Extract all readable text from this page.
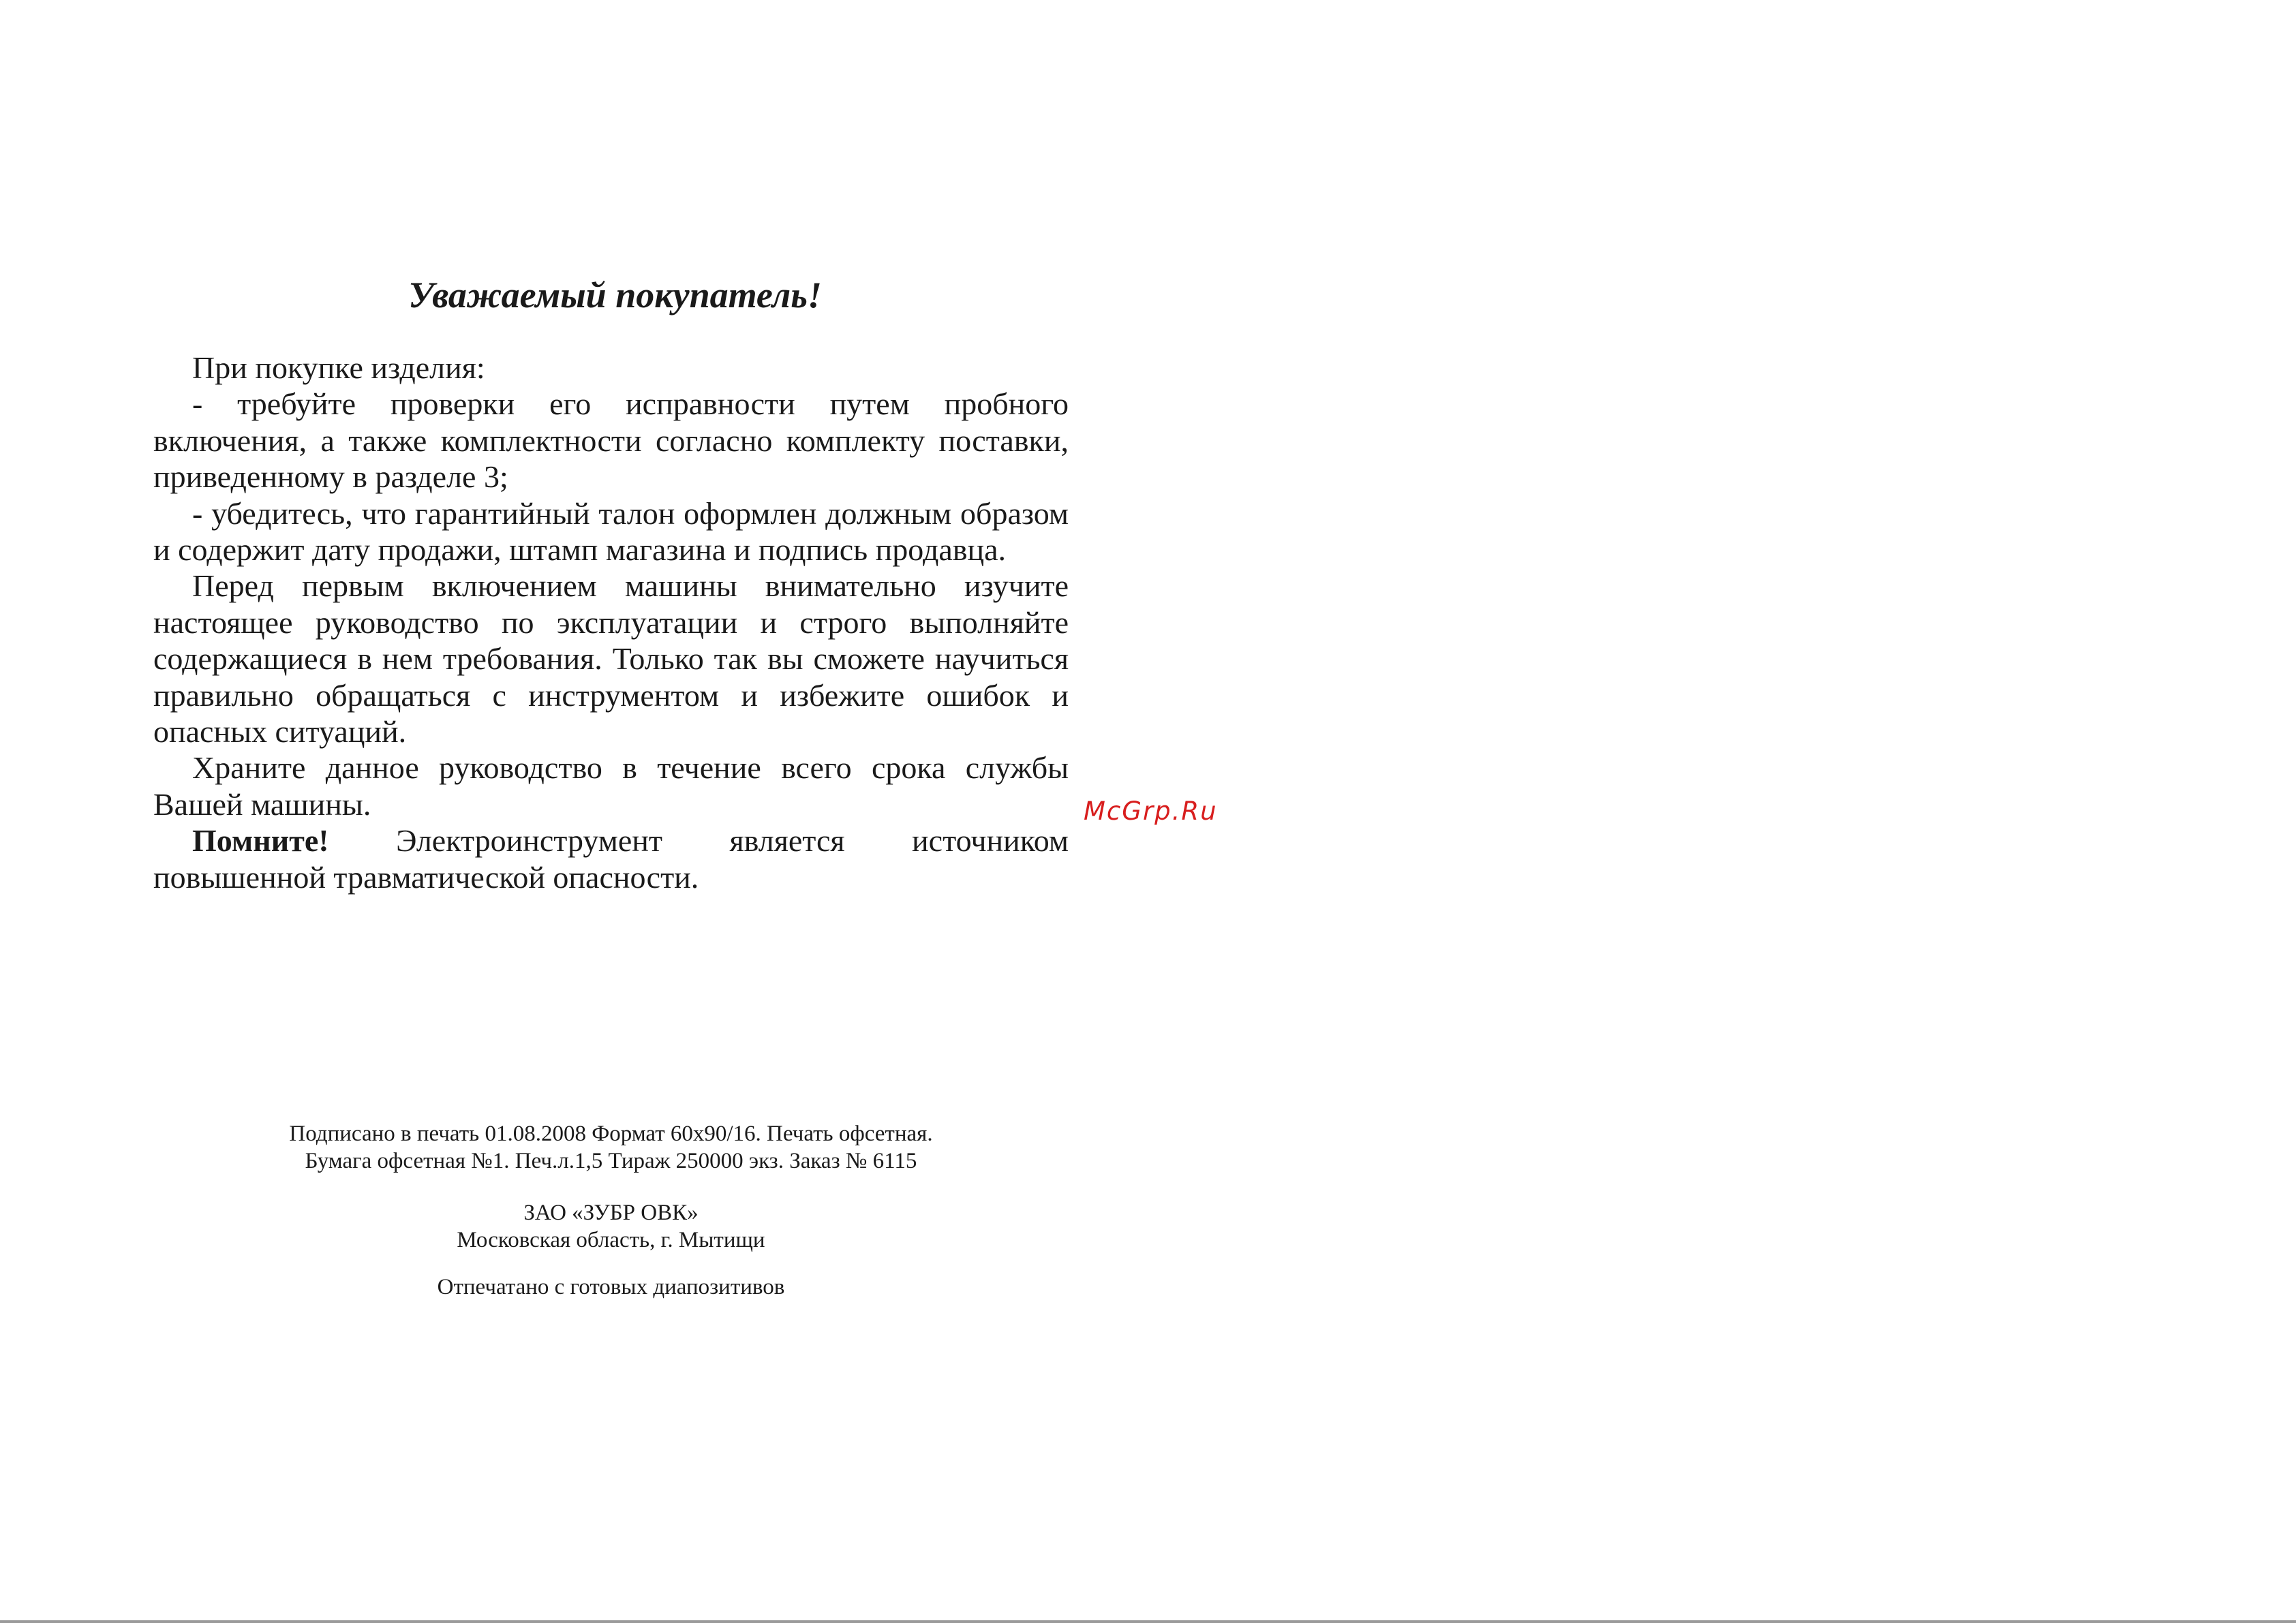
Уважаемый покупатель!

При покупке изделия:

- требуйте проверки его исправности путем пробного включения, а также комплектности согласно комплекту поставки, приведенному в разделе 3;

- убедитесь, что гарантийный талон оформлен должным образом и содержит дату продажи, штамп магазина и подпись продавца.

Перед первым включением машины внимательно изучите настоящее руководство по эксплуатации и строго выполняйте содержащиеся в нем требования. Только так вы сможете научиться правильно обращаться с инструментом и избежите ошибок и опасных ситуаций.

Храните данное руководство в течение всего срока службы Вашей машины.

Помните! Электроинструмент является источником повышенной травматической опасности.

McGrp.Ru
Подписано в печать 01.08.2008 Формат 60х90/16. Печать офсетная.
Бумага офсетная №1. Печ.л.1,5 Тираж 250000 экз. Заказ № 6115
ЗАО «ЗУБР ОВК»
Московская область, г. Мытищи
Отпечатано с готовых диапозитивов
